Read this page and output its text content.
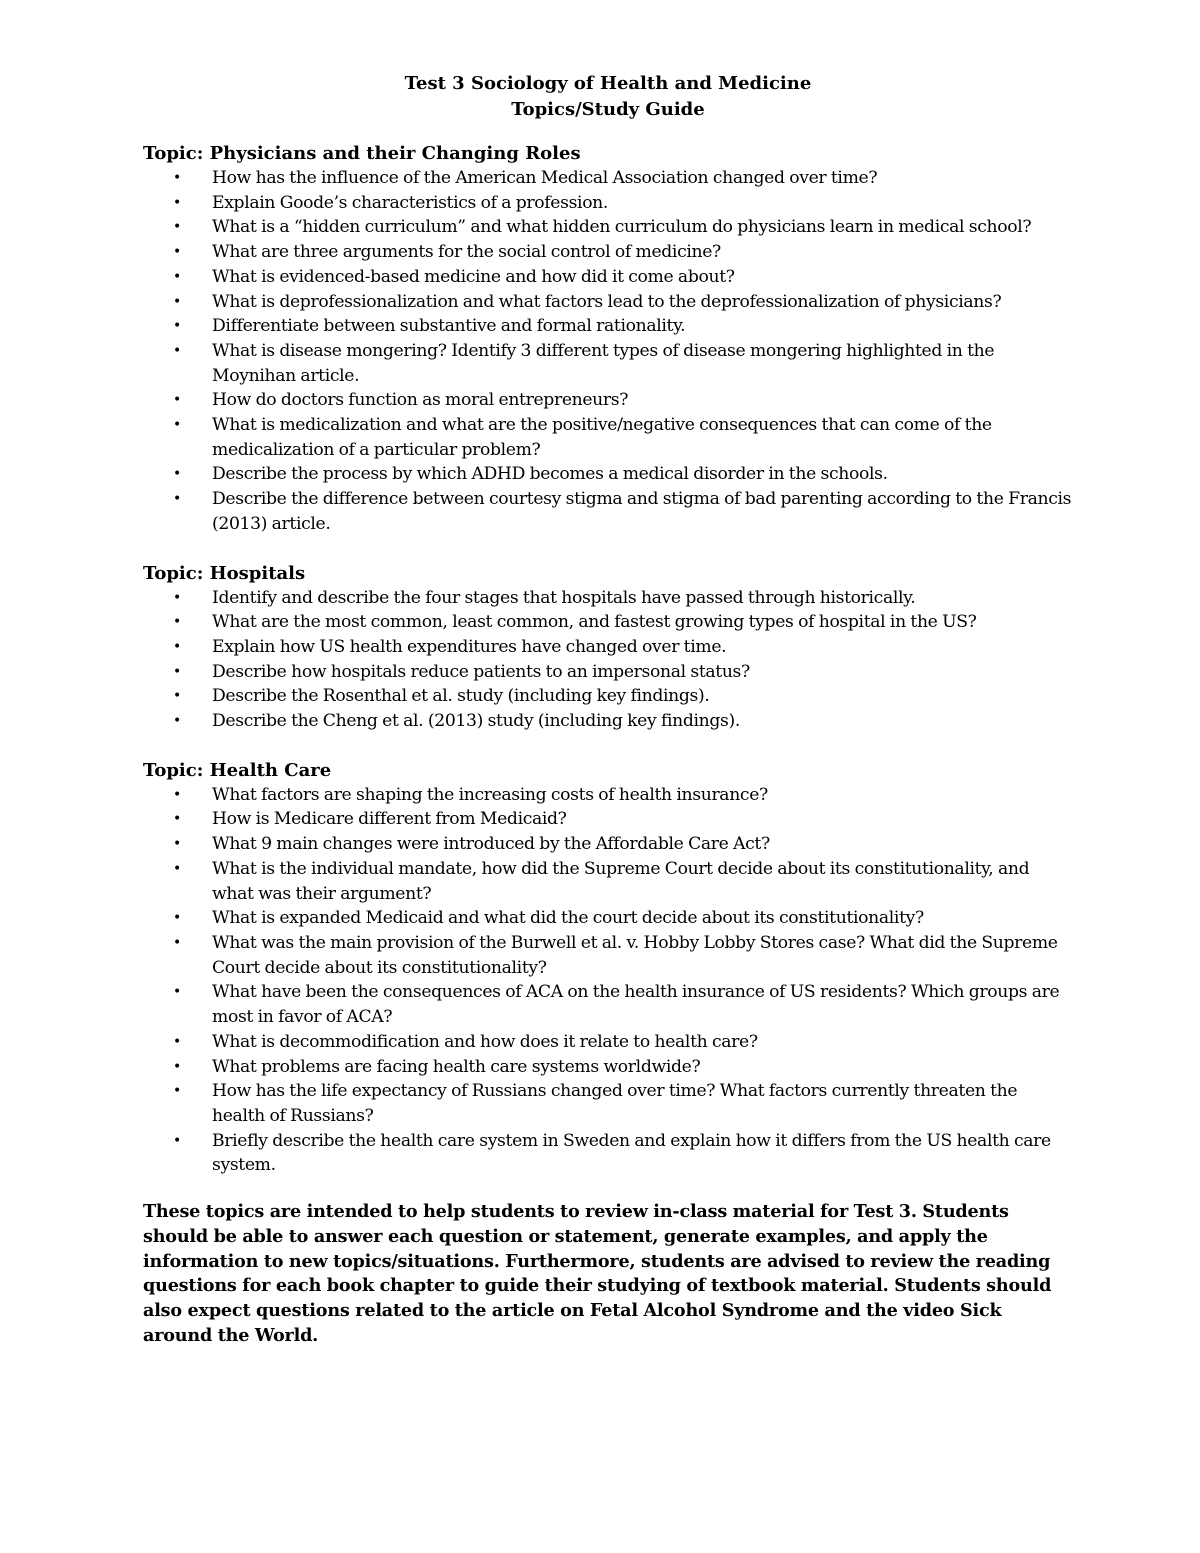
Test 3 Sociology of Health and Medicine

Topics/Study Guide

Topic: Physicians and their Changing Roles

• How has the influence of the American Medical Association changed over time?
• Explain Goode’s characteristics of a profession.
• What is a “hidden curriculum” and what hidden curriculum do physicians learn in medical school?
• What are three arguments for the social control of medicine?
• What is evidenced-based medicine and how did it come about?
• What is deprofessionalization and what factors lead to the deprofessionalization of physicians?
• Differentiate between substantive and formal rationality.
• What is disease mongering? Identify 3 different types of disease mongering highlighted in the Moynihan article.
• How do doctors function as moral entrepreneurs?
• What is medicalization and what are the positive/negative consequences that can come of the medicalization of a particular problem?
• Describe the process by which ADHD becomes a medical disorder in the schools.
• Describe the difference between courtesy stigma and stigma of bad parenting according to the Francis (2013) article.

Topic: Hospitals

• Identify and describe the four stages that hospitals have passed through historically.
• What are the most common, least common, and fastest growing types of hospital in the US?
• Explain how US health expenditures have changed over time.
• Describe how hospitals reduce patients to an impersonal status?
• Describe the Rosenthal et al. study (including key findings).
• Describe the Cheng et al. (2013) study (including key findings).

Topic: Health Care

• What factors are shaping the increasing costs of health insurance?
• How is Medicare different from Medicaid?
• What 9 main changes were introduced by the Affordable Care Act?
• What is the individual mandate, how did the Supreme Court decide about its constitutionality, and what was their argument?
• What is expanded Medicaid and what did the court decide about its constitutionality?
• What was the main provision of the Burwell et al. v. Hobby Lobby Stores case? What did the Supreme Court decide about its constitutionality?
• What have been the consequences of ACA on the health insurance of US residents? Which groups are most in favor of ACA?
• What is decommodification and how does it relate to health care?
• What problems are facing health care systems worldwide?
• How has the life expectancy of Russians changed over time? What factors currently threaten the health of Russians?
• Briefly describe the health care system in Sweden and explain how it differs from the US health care system.

These topics are intended to help students to review in-class material for Test 3. Students should be able to answer each question or statement, generate examples, and apply the information to new topics/situations. Furthermore, students are advised to review the reading questions for each book chapter to guide their studying of textbook material. Students should also expect questions related to the article on Fetal Alcohol Syndrome and the video Sick around the World.
